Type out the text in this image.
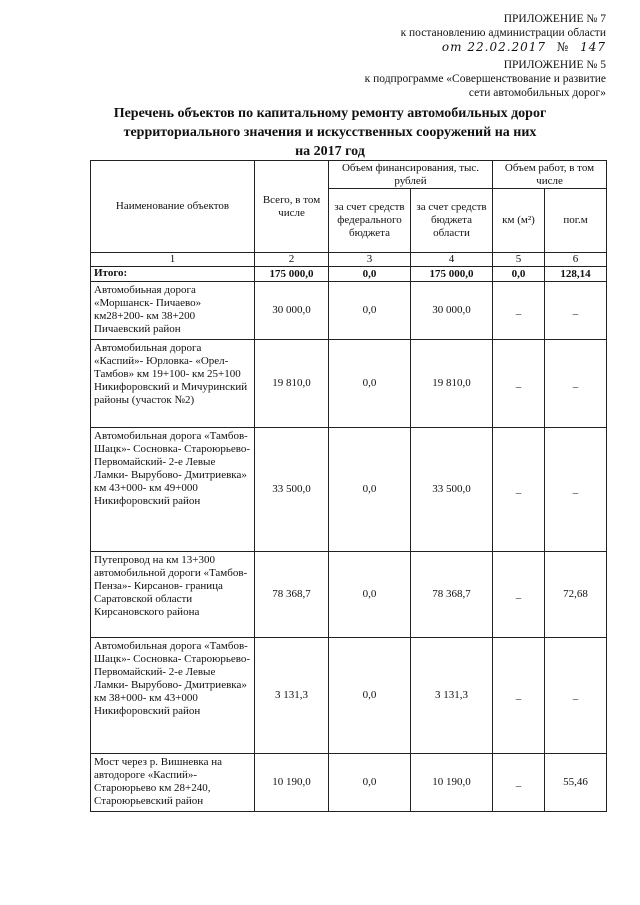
ПРИЛОЖЕНИЕ № 7
к постановлению администрации области
от 22.02.2017 № 147
ПРИЛОЖЕНИЕ № 5
к подпрограмме «Совершенствование и развитие
сети автомобильных дорог»
Перечень объектов по капитальному ремонту автомобильных дорог
территориального значения и искусственных сооружений на них
на 2017 год
Наименование объектов	Всего, в том числе	Объем финансирования, тыс. рублей		Объем работ, в том числе	
		за счет средств федерального бюджета	за счет средств бюджета области	км (м²)	пог.м
1	2	3	4	5	6
Итого:	175 000,0	0,0	175 000,0	0,0	128,14
Автомобиьная дорога «Моршанск- Пичаево» км28+200- км 38+200 Пичаевский район	30 000,0	0,0	30 000,0	_	_
Автомобильная дорога «Каспий»- Юрловка- «Орел- Тамбов» км 19+100- км 25+100 Никифоровский и Мичуринский районы (участок №2)	19 810,0	0,0	19 810,0	_	_
Автомобильная дорога «Тамбов- Шацк»- Сосновка- Староюрьево- Первомайский- 2-е Левые Ламки- Вырубово- Дмитриевка» км 43+000- км 49+000 Никифоровский район	33 500,0	0,0	33 500,0	_	_
Путепровод на км 13+300 автомобильной дороги «Тамбов- Пенза»- Кирсанов- граница Саратовской области Кирсановского района	78 368,7	0,0	78 368,7	_	72,68
Автомобильная дорога «Тамбов- Шацк»- Сосновка- Староюрьево- Первомайский- 2-е Левые Ламки- Вырубово- Дмитриевка» км 38+000- км 43+000 Никифоровский район	3 131,3	0,0	3 131,3	_	_
Мост через р. Вишневка на автодороге «Каспий»- Староюрьево км 28+240, Староюрьевский район	10 190,0	0,0	10 190,0	_	55,46
